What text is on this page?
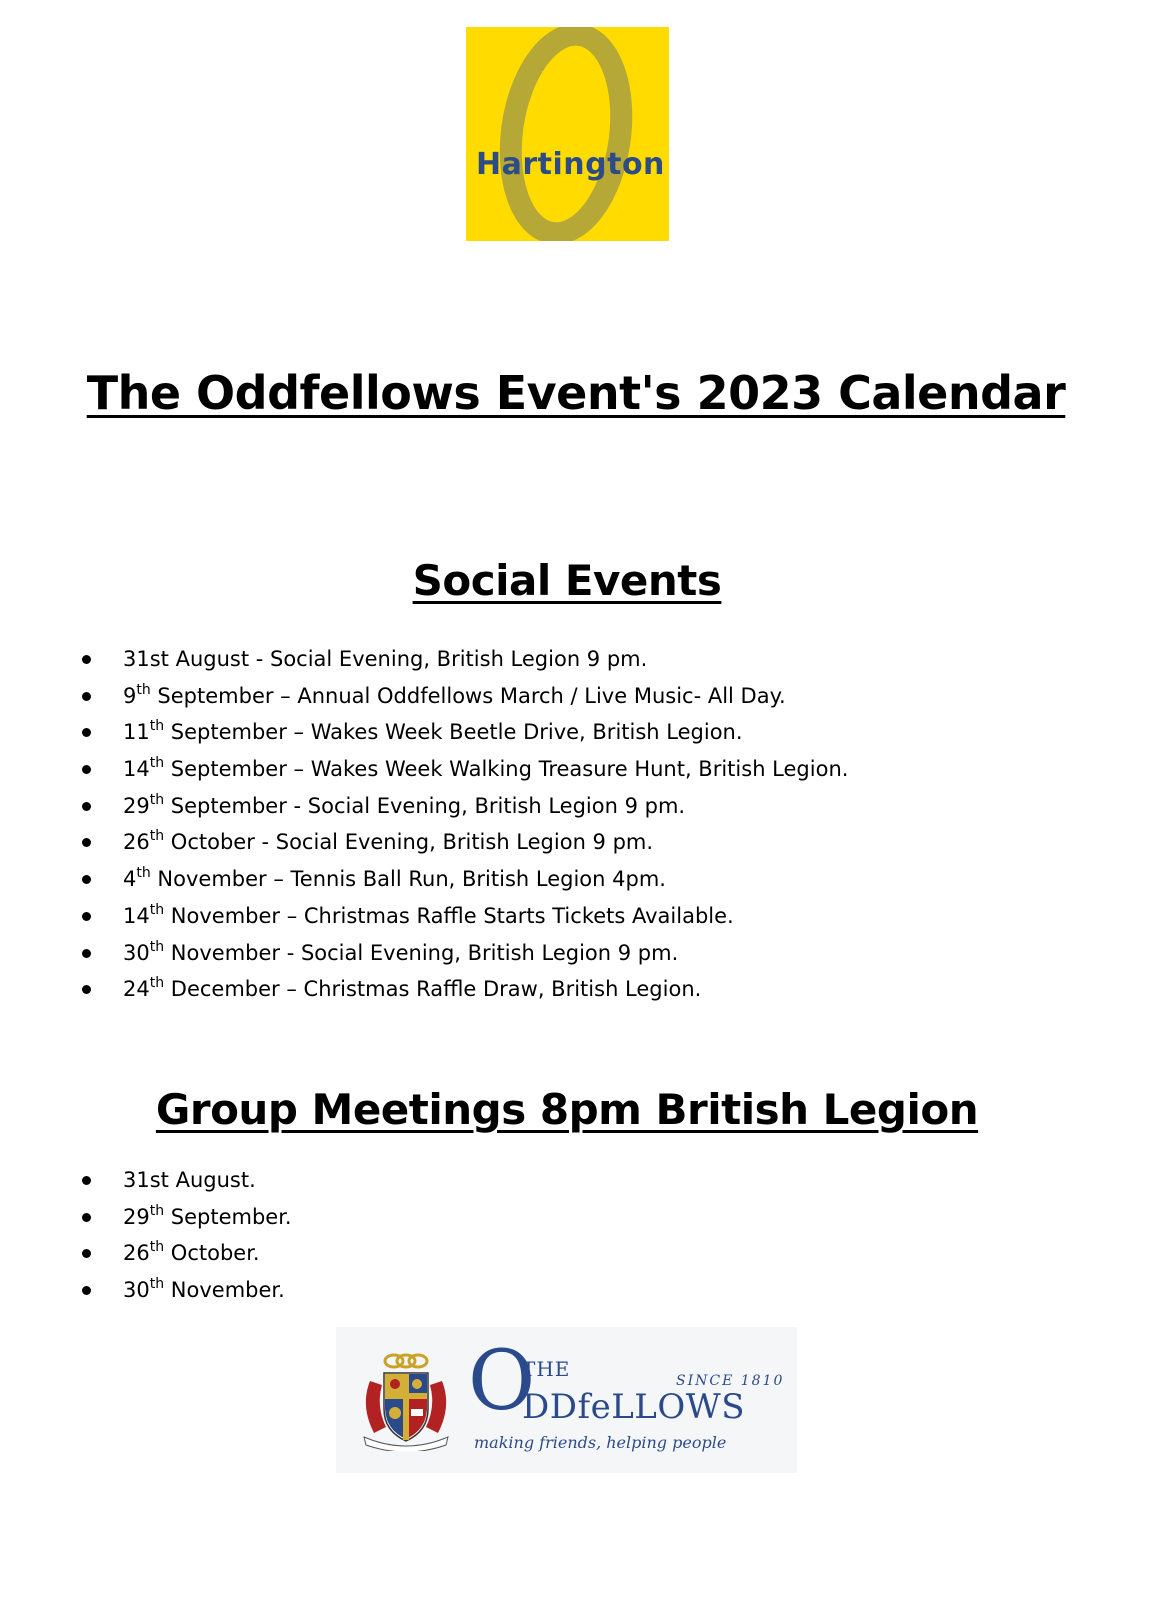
Hartington
The Oddfellows Event's 2023 Calendar
Social Events
31st August - Social Evening, British Legion 9 pm.
9th September – Annual Oddfellows March / Live Music- All Day.
11th September – Wakes Week Beetle Drive, British Legion.
14th September – Wakes Week Walking Treasure Hunt, British Legion.
29th September - Social Evening, British Legion 9 pm.
26th October - Social Evening, British Legion 9 pm.
4th November – Tennis Ball Run, British Legion 4pm.
14th November – Christmas Raffle Starts Tickets Available.
30th November - Social Evening, British Legion 9 pm.
24th December – Christmas Raffle Draw, British Legion.
Group Meetings 8pm British Legion
31st August.
29th September.
26th October.
30th November.
O
THE	SINCE 1810
DDfeLLOWS
making friends, helping people
